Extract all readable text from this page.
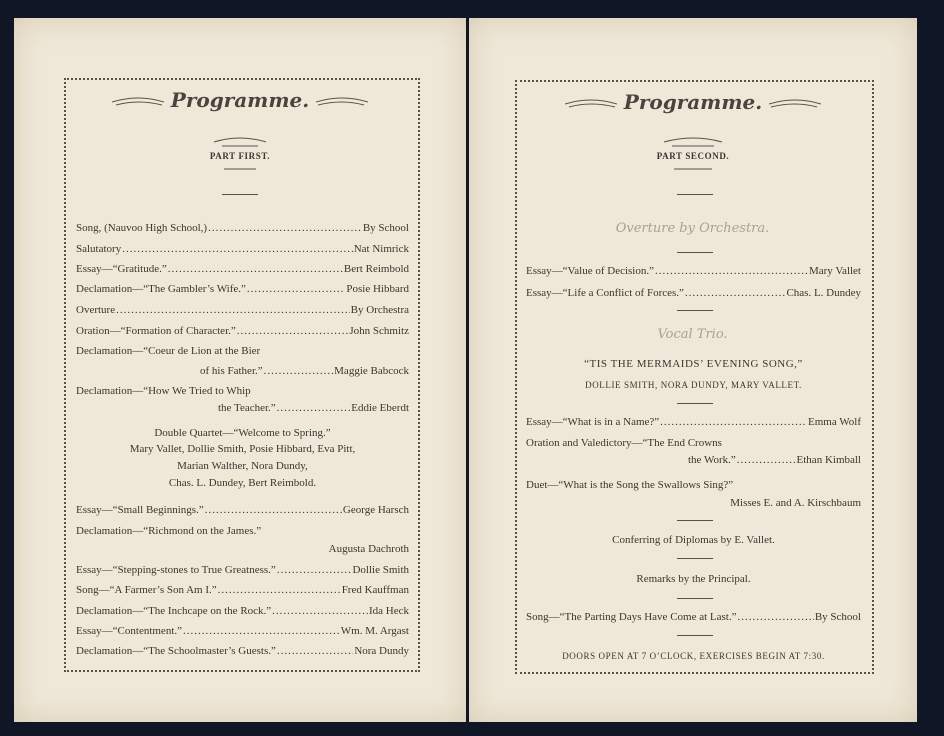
Programme.
PART FIRST.
Song, (Nauvoo High School,) .....	By School
Salutatory .....	Nat Nimrick
Essay—“Gratitude.” .....	Bert Reimbold
Declamation—“The Gambler’s Wife.” .....	Posie Hibbard
Overture .....	By Orchestra
Oration—“Formation of Character.” .....	John Schmitz
Declamation—“Coeur de Lion at the Bier
of his Father.” .....	Maggie Babcock
Declamation—“How We Tried to Whip
the Teacher.” .....	Eddie Eberdt
Double Quartet—“Welcome to Spring.”
Mary Vallet, Dollie Smith, Posie Hibbard, Eva Pitt,
Marian Walther, Nora Dundy,
Chas. L. Dundey, Bert Reimbold.
Essay—“Small Beginnings.” .....	George Harsch
Declamation—“Richmond on the James.”
Augusta Dachroth
Essay—“Stepping-stones to True Greatness.” .....	Dollie Smith
Song—“A Farmer’s Son Am I.” .....	Fred Kauffman
Declamation—“The Inchcape on the Rock.” .....	Ida Heck
Essay—“Contentment.” .....	Wm. M. Argast
Declamation—“The Schoolmaster’s Guests.” .....	Nora Dundy
Programme.
PART SECOND.
Overture by Orchestra.
Essay—“Value of Decision.” .....	Mary Vallet
Essay—“Life a Conflict of Forces.” .....	Chas. L. Dundey
Vocal Trio.
“TIS THE MERMAIDS’ EVENING SONG,”
DOLLIE SMITH, NORA DUNDY, MARY VALLET.
Essay—“What is in a Name?” .....	Emma Wolf
Oration and Valedictory—“The End Crowns
the Work.” .....	Ethan Kimball
Duet—“What is the Song the Swallows Sing?”
Misses E. and A. Kirschbaum
Conferring of Diplomas by E. Vallet.
Remarks by the Principal.
Song—“The Parting Days Have Come at Last.” .....	By School
DOORS OPEN AT 7 O’CLOCK, EXERCISES BEGIN AT 7:30.
